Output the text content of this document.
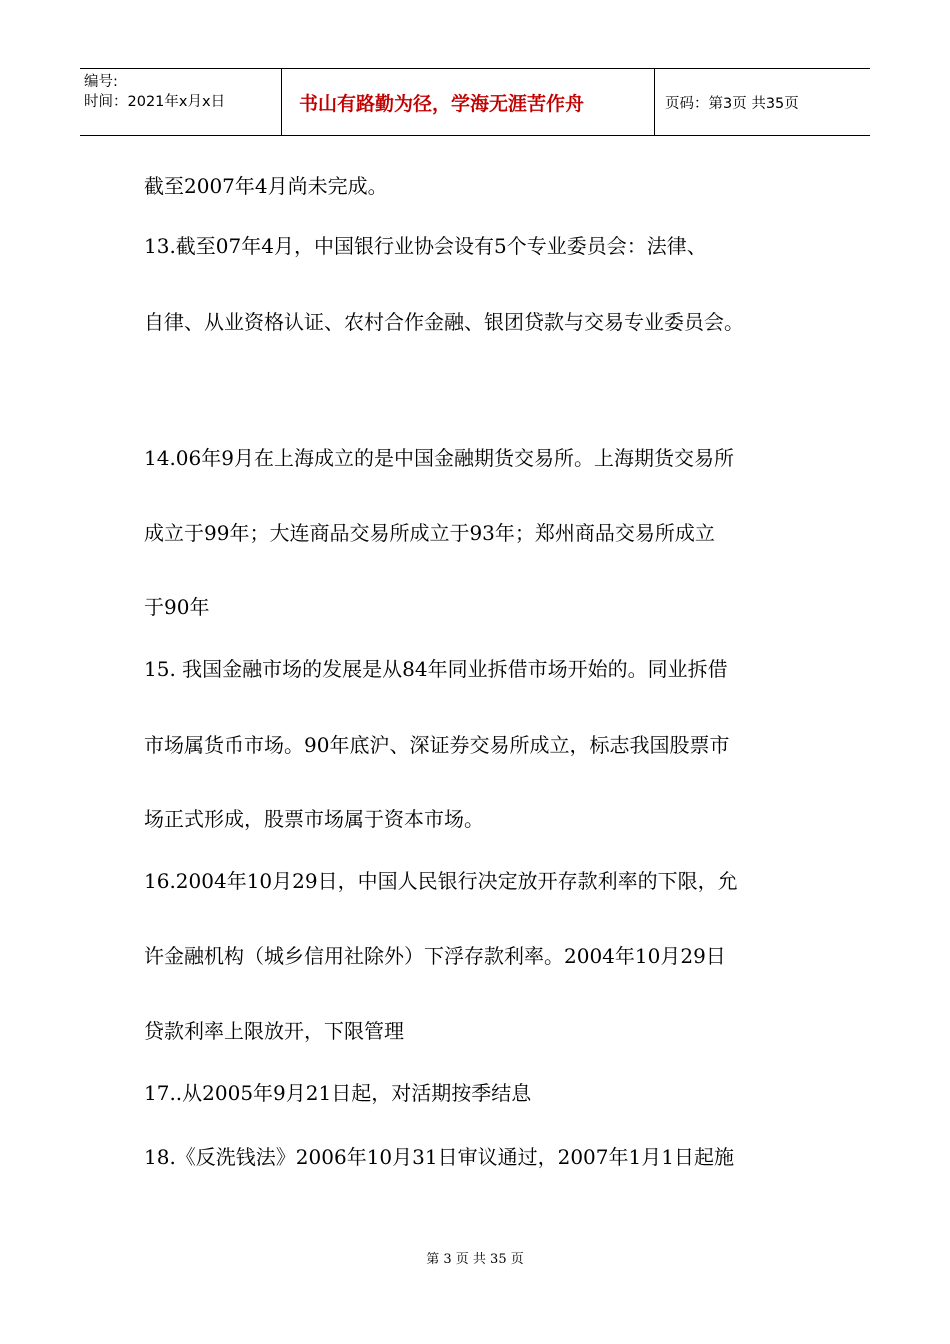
编号:
时间：2021年x月x日	书山有路勤为径，学海无涯苦作舟	页码：第3页 共35页
截至2007年4月尚未完成。
13.截至07年4月，中国银行业协会设有5个专业委员会：法律、
自律、从业资格认证、农村合作金融、银团贷款与交易专业委员会。
14.06年9月在上海成立的是中国金融期货交易所。上海期货交易所
成立于99年；大连商品交易所成立于93年；郑州商品交易所成立
于90年
15. 我国金融市场的发展是从84年同业拆借市场开始的。同业拆借
市场属货币市场。90年底沪、深证券交易所成立，标志我国股票市
场正式形成，股票市场属于资本市场。
16.2004年10月29日，中国人民银行决定放开存款利率的下限，允
许金融机构（城乡信用社除外）下浮存款利率。2004年10月29日
贷款利率上限放开，下限管理
17..从2005年9月21日起，对活期按季结息
18.《反洗钱法》2006年10月31日审议通过，2007年1月1日起施
第 3 页 共 35 页
